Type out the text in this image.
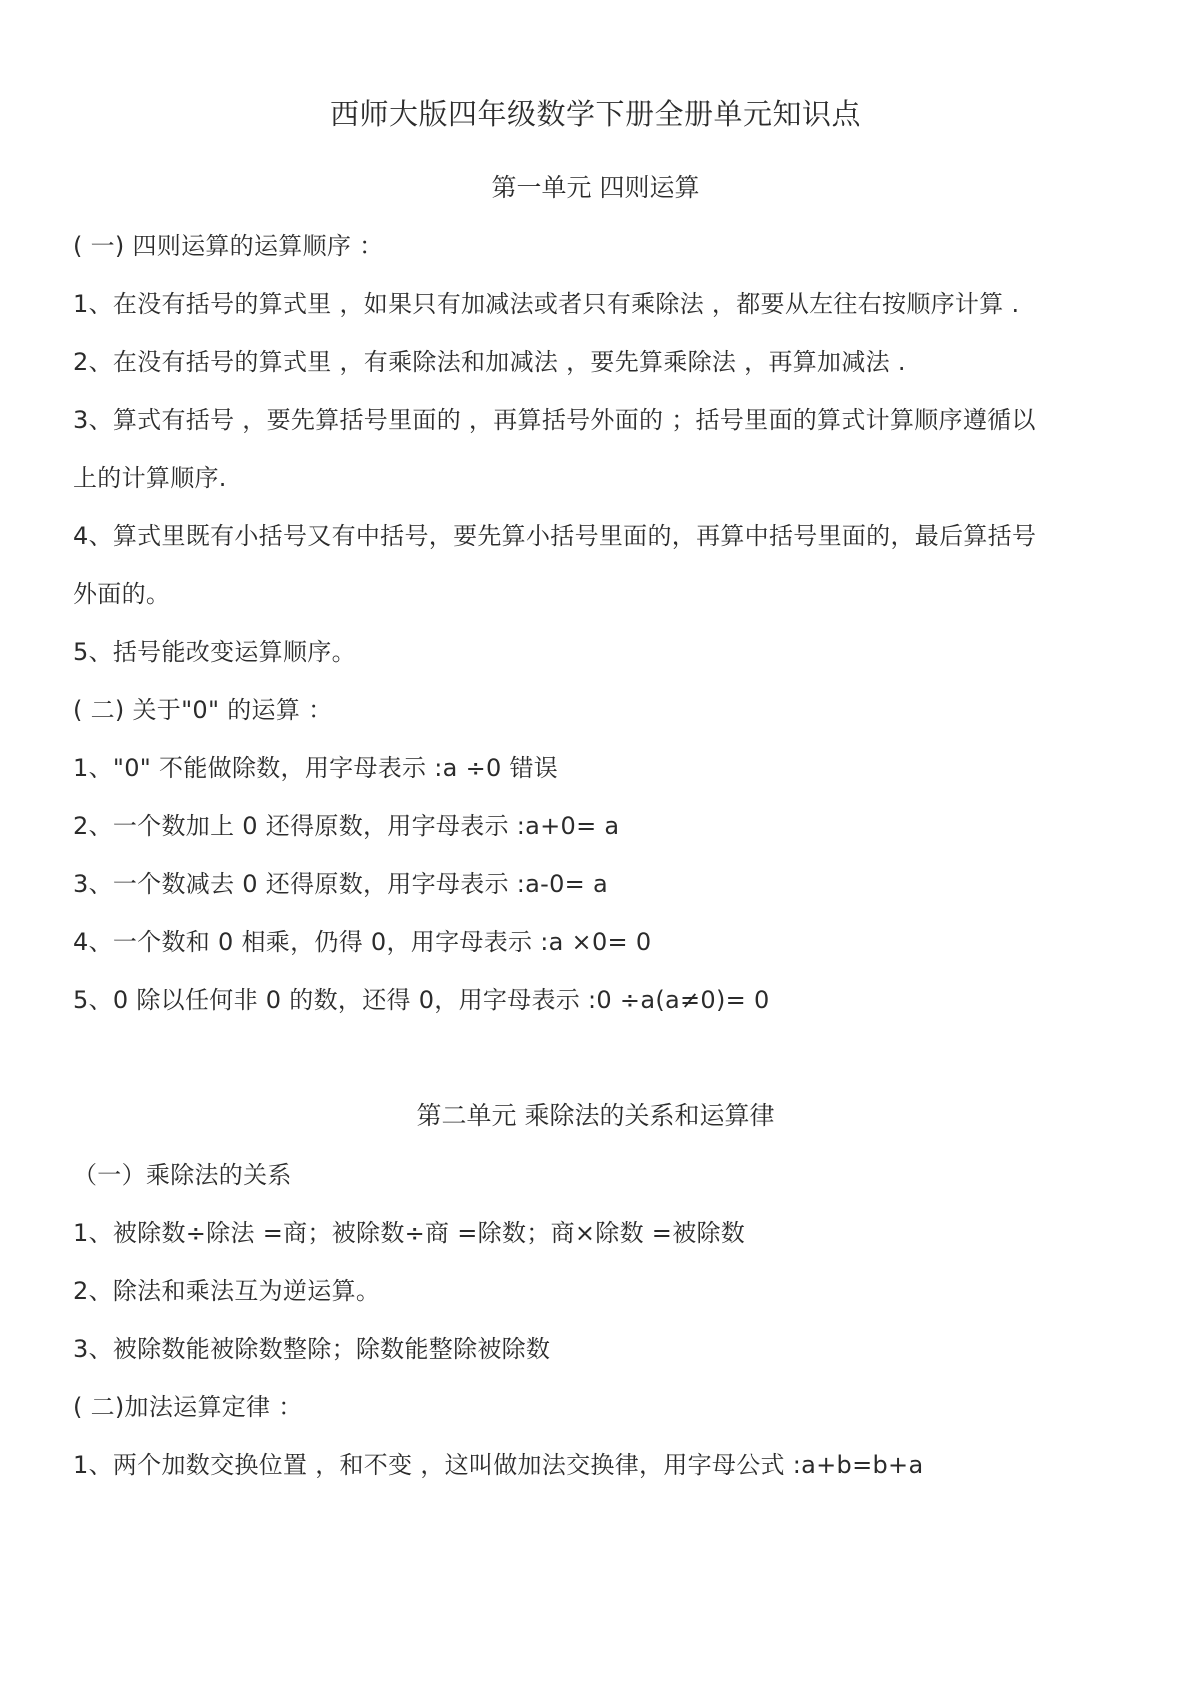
西师大版四年级数学下册全册单元知识点
第一单元 四则运算
( 一) 四则运算的运算顺序 ：
1、在没有括号的算式里 ，如果只有加减法或者只有乘除法 ，都要从左往右按顺序计算 .
2、在没有括号的算式里 ，有乘除法和加减法 ，要先算乘除法 ，再算加减法 .
3、算式有括号 ，要先算括号里面的 ，再算括号外面的 ；括号里面的算式计算顺序遵循以
上的计算顺序.
4、算式里既有小括号又有中括号，要先算小括号里面的，再算中括号里面的，最后算括号
外面的。
5、括号能改变运算顺序。
( 二) 关于"0" 的运算 ：
1、"0" 不能做除数，用字母表示 :a ÷0 错误
2、一个数加上 0 还得原数，用字母表示 :a+0= a
3、一个数减去 0 还得原数，用字母表示 :a-0= a
4、一个数和 0 相乘，仍得 0，用字母表示 :a ×0= 0
5、0 除以任何非 0 的数，还得 0，用字母表示 :0 ÷a(a≠0)= 0
第二单元 乘除法的关系和运算律
（一）乘除法的关系
1、被除数÷除法 =商；被除数÷商 =除数；商×除数 =被除数
2、除法和乘法互为逆运算。
3、被除数能被除数整除；除数能整除被除数
( 二)加法运算定律 ：
1、两个加数交换位置 ，和不变 ，这叫做加法交换律，用字母公式 :a+b=b+a
